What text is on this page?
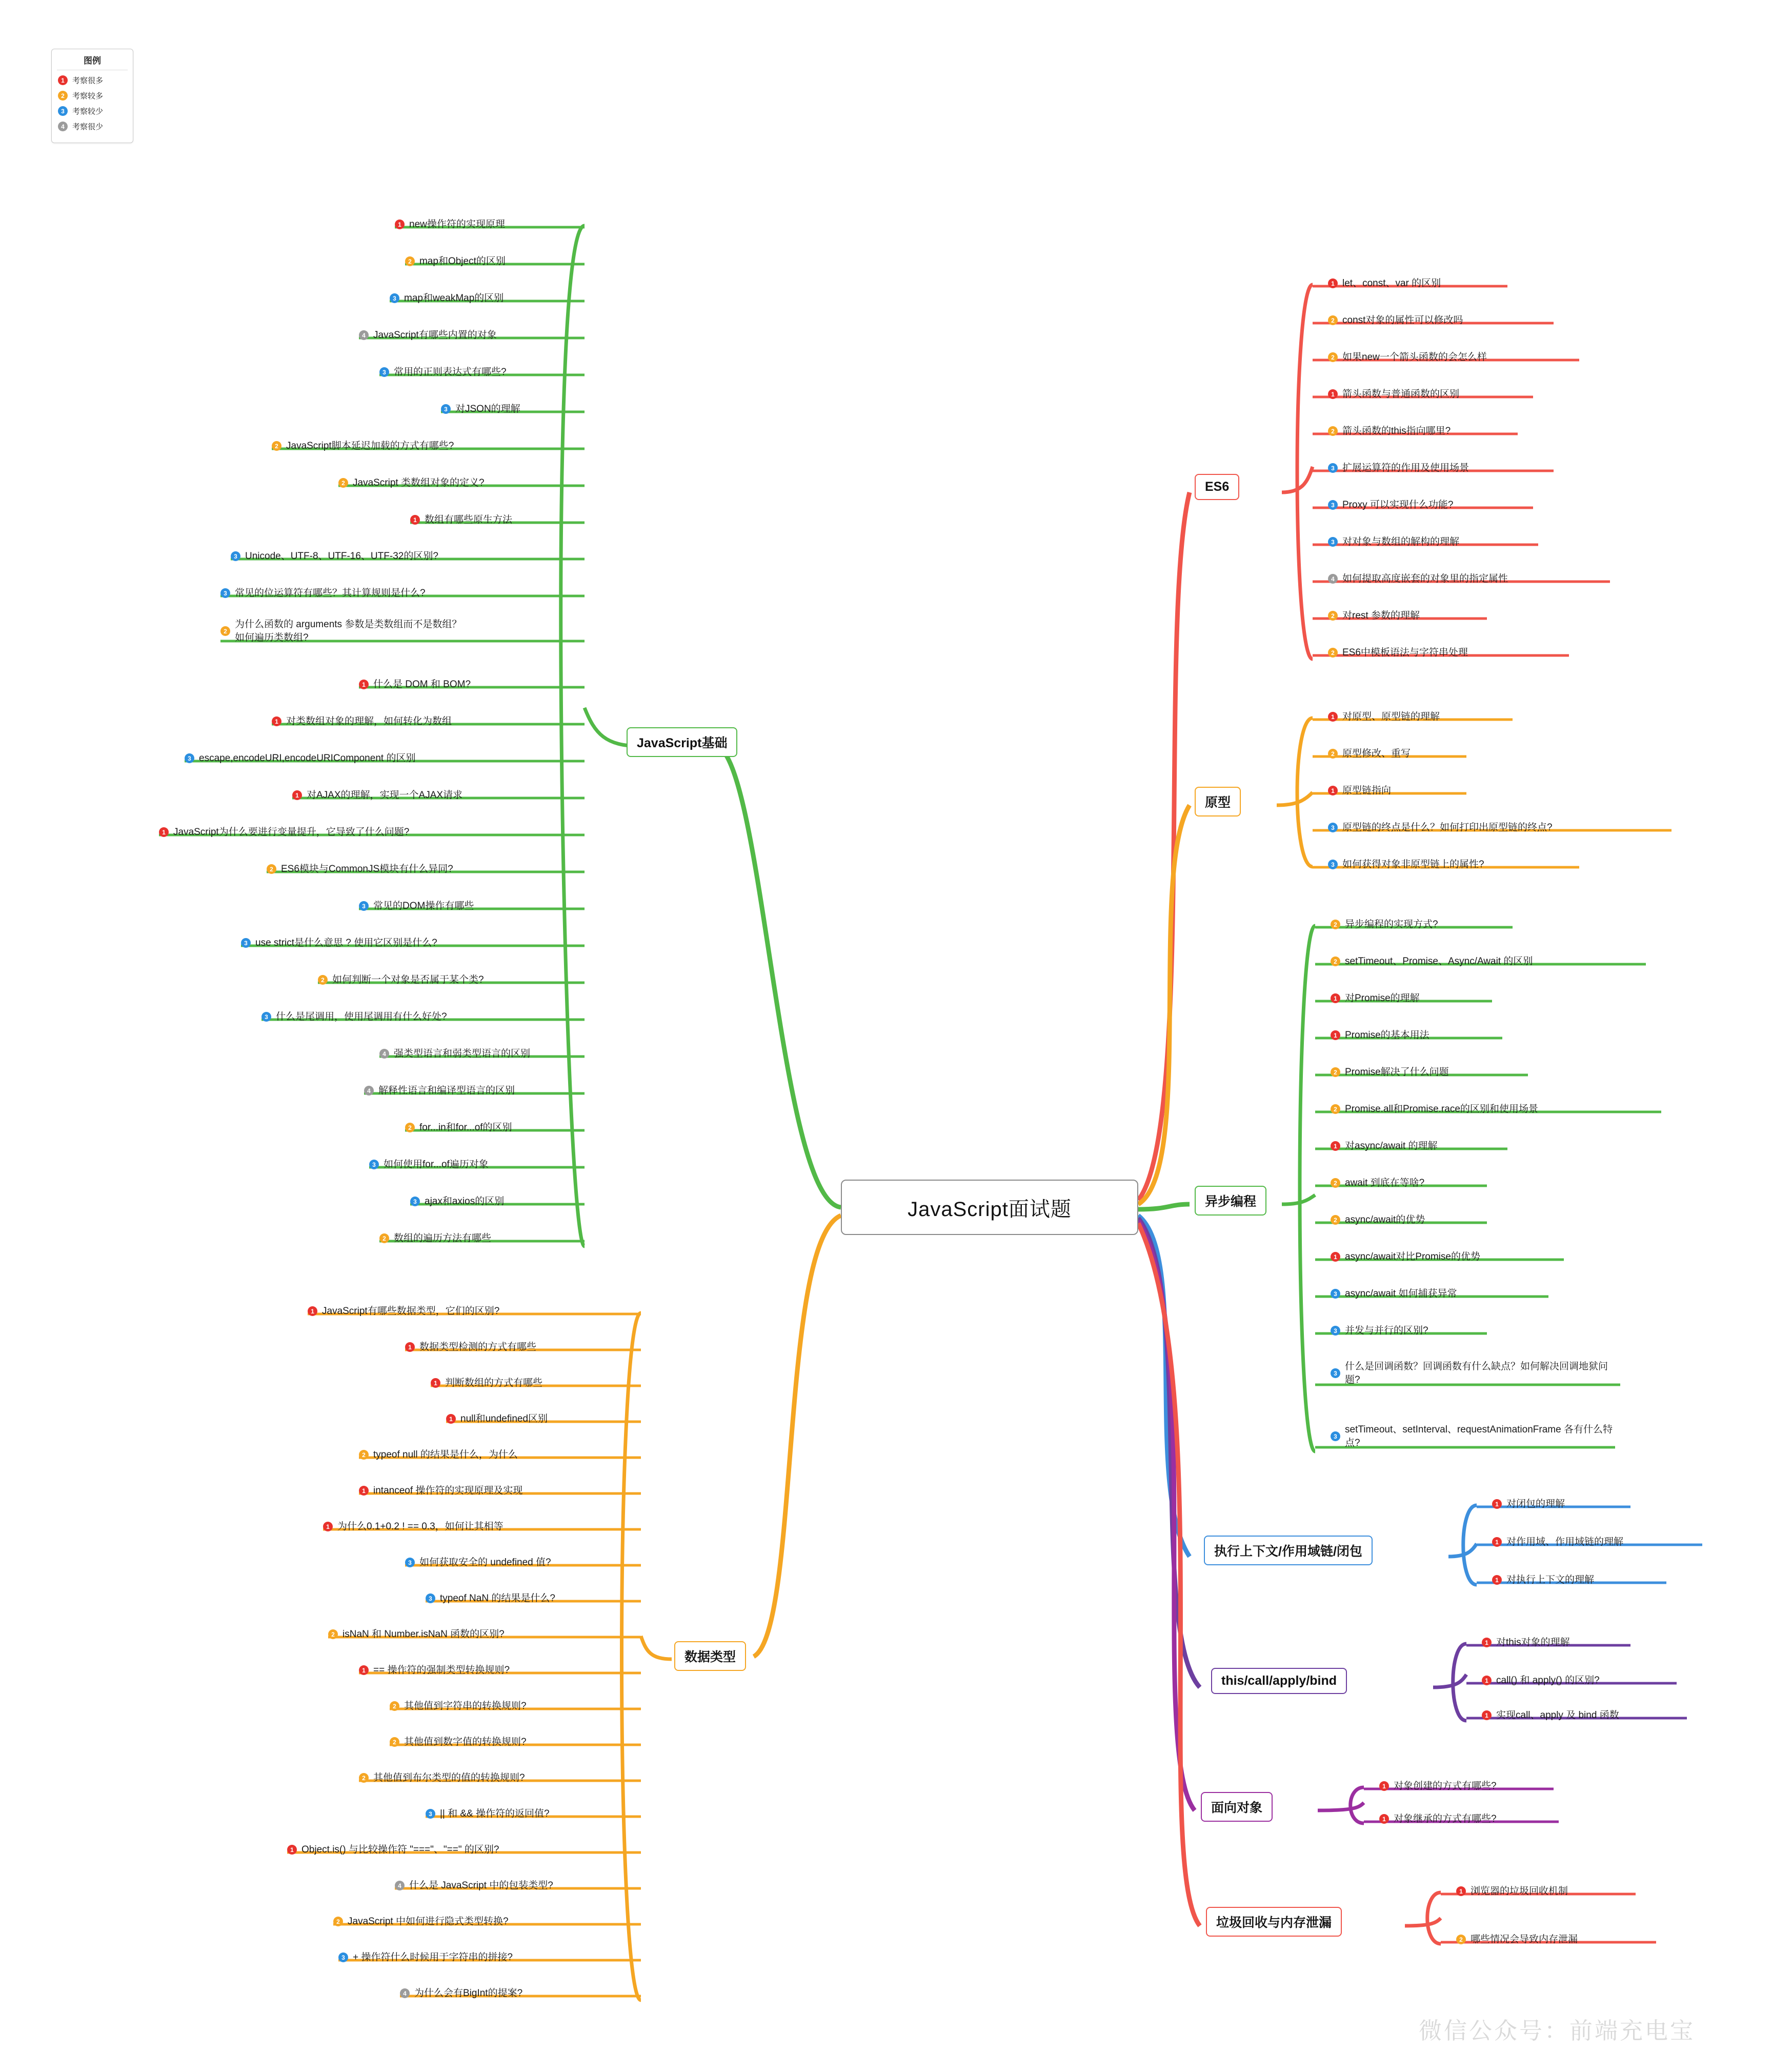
图例
1	考察很多
2	考察较多
3	考察较少
4	考察很少
JavaScript面试题
JavaScript基础
ES6
原型
异步编程
执行上下文/作用域链/闭包
this/call/apply/bind
面向对象
垃圾回收与内存泄漏
数据类型
1 new操作符的实现原理
2 map和Object的区别
3 map和weakMap的区别
4 JavaScript有哪些内置的对象
3 常用的正则表达式有哪些?
3 对JSON的理解
2 JavaScript脚本延迟加载的方式有哪些?
2 JavaScript 类数组对象的定义?
1 数组有哪些原生方法
3 Unicode、UTF-8、UTF-16、UTF-32的区别?
3 常见的位运算符有哪些？其计算规则是什么?
2
为什么函数的 arguments 参数是类数组而不是数组？如何遍历类数组?
1 什么是 DOM 和 BOM?
1 对类数组对象的理解，如何转化为数组
3 escape,encodeURI,encodeURIComponent 的区别
1 对AJAX的理解，实现一个AJAX请求
1 JavaScript为什么要进行变量提升，它导致了什么问题?
2 ES6模块与CommonJS模块有什么异同?
3 常见的DOM操作有哪些
3 use strict是什么意思 ? 使用它区别是什么?
2 如何判断一个对象是否属于某个类?
3 什么是尾调用，使用尾调用有什么好处?
4 强类型语言和弱类型语言的区别
4 解释性语言和编译型语言的区别
2 for...in和for...of的区别
3 如何使用for...of遍历对象
3 ajax和axios的区别
2 数组的遍历方法有哪些
1 JavaScript有哪些数据类型，它们的区别?
1 数据类型检测的方式有哪些
1 判断数组的方式有哪些
1 null和undefined区别
2 typeof null 的结果是什么，为什么
1 intanceof 操作符的实现原理及实现
1 为什么0.1+0.2 ! == 0.3，如何让其相等
3 如何获取安全的 undefined 值?
3 typeof NaN 的结果是什么?
2 isNaN 和 Number.isNaN 函数的区别?
1 == 操作符的强制类型转换规则?
2 其他值到字符串的转换规则?
2 其他值到数字值的转换规则?
2 其他值到布尔类型的值的转换规则?
3 || 和 && 操作符的返回值?
1 Object.is() 与比较操作符 "==="、"==" 的区别?
4 什么是 JavaScript 中的包装类型?
2 JavaScript 中如何进行隐式类型转换?
3 + 操作符什么时候用于字符串的拼接?
4 为什么会有BigInt的提案?
1 let、const、var 的区别
2 const对象的属性可以修改吗
2 如果new一个箭头函数的会怎么样
1 箭头函数与普通函数的区别
2 箭头函数的this指向哪里?
3 扩展运算符的作用及使用场景
3 Proxy 可以实现什么功能?
3 对对象与数组的解构的理解
4 如何提取高度嵌套的对象里的指定属性
2 对rest 参数的理解
2 ES6中模板语法与字符串处理
1 对原型、原型链的理解
2 原型修改、重写
1 原型链指向
3 原型链的终点是什么？如何打印出原型链的终点?
3 如何获得对象非原型链上的属性?
2 异步编程的实现方式?
2 setTimeout、Promise、Async/Await 的区别
1 对Promise的理解
1 Promise的基本用法
2 Promise解决了什么问题
2 Promise.all和Promise.race的区别和使用场景
1 对async/await 的理解
2 await 到底在等啥?
2 async/await的优势
1 async/await对比Promise的优势
3 async/await 如何捕获异常
3 并发与并行的区别?
3
什么是回调函数？回调函数有什么缺点？如何解决回调地狱问题?
3
setTimeout、setInterval、requestAnimationFrame 各有什么特点?
1 对闭包的理解
1 对作用域、作用域链的理解
1 对执行上下文的理解
1 对this对象的理解
1 call() 和 apply() 的区别?
1 实现call、apply 及 bind 函数
1 对象创建的方式有哪些?
1 对象继承的方式有哪些?
1 浏览器的垃圾回收机制
2 哪些情况会导致内存泄漏
微信公众号：前端充电宝
